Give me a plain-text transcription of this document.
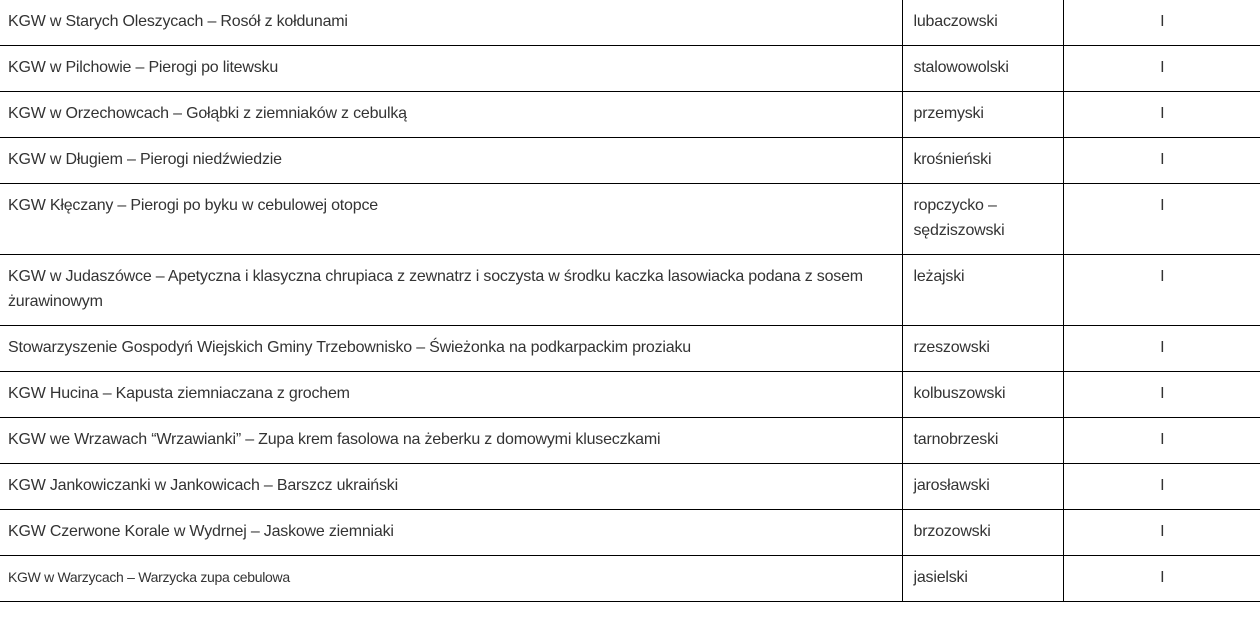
KGW w Starych Oleszycach – Rosół z kołdunami	lubaczowski	I
KGW w Pilchowie – Pierogi po litewsku	stalowowolski	I
KGW w Orzechowcach – Gołąbki z ziemniaków z cebulką	przemyski	I
KGW w Długiem – Pierogi niedźwiedzie	krośnieński	I
KGW Kłęczany – Pierogi po byku w cebulowej otopce	ropczycko – sędziszowski	I
KGW w Judaszówce – Apetyczna i klasyczna chrupiaca z zewnatrz i soczysta w środku kaczka lasowiacka podana z sosem żurawinowym	leżajski	I
Stowarzyszenie Gospodyń Wiejskich Gminy Trzebownisko – Świeżonka na podkarpackim proziaku	rzeszowski	I
KGW Hucina – Kapusta ziemniaczana z grochem	kolbuszowski	I
KGW we Wrzawach “Wrzawianki” – Zupa krem fasolowa na żeberku z domowymi kluseczkami	tarnobrzeski	I
KGW Jankowiczanki w Jankowicach – Barszcz ukraiński	jarosławski	I
KGW Czerwone Korale w Wydrnej – Jaskowe ziemniaki	brzozowski	I
KGW w Warzycach – Warzycka zupa cebulowa	jasielski	I
